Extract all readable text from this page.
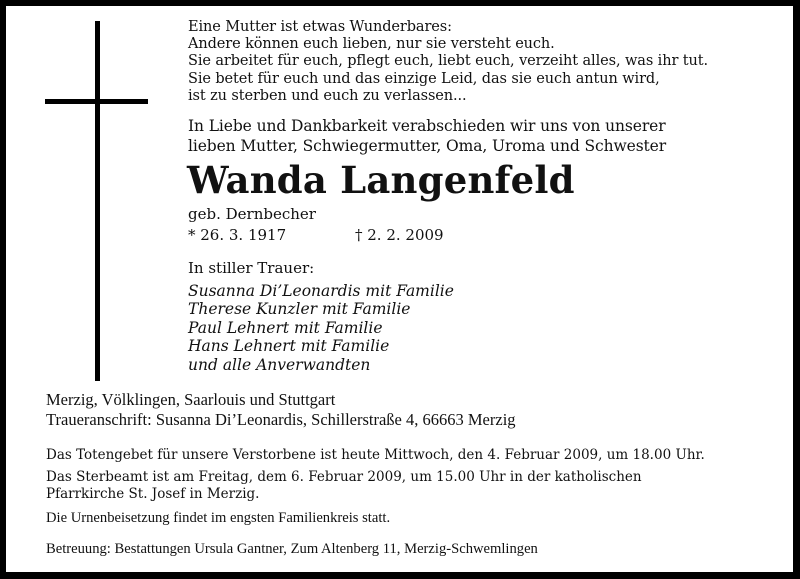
Eine Mutter ist etwas Wunderbares:
Andere können euch lieben, nur sie versteht euch.
Sie arbeitet für euch, pflegt euch, liebt euch, verzeiht alles, was ihr tut.
Sie betet für euch und das einzige Leid, das sie euch antun wird,
ist zu sterben und euch zu verlassen...
In Liebe und Dankbarkeit verabschieden wir uns von unserer
lieben Mutter, Schwiegermutter, Oma, Uroma und Schwester
Wanda Langenfeld
geb. Dernbecher
* 26. 3. 1917	† 2. 2. 2009
In stiller Trauer:
Susanna Di’Leonardis mit Familie
Therese Kunzler mit Familie
Paul Lehnert mit Familie
Hans Lehnert mit Familie
und alle Anverwandten
Merzig, Völklingen, Saarlouis und Stuttgart
Traueranschrift: Susanna Di’Leonardis, Schillerstraße 4, 66663 Merzig
Das Totengebet für unsere Verstorbene ist heute Mittwoch, den 4. Februar 2009, um 18.00 Uhr.
Das Sterbeamt ist am Freitag, dem 6. Februar 2009, um 15.00 Uhr in der katholischen
Pfarrkirche St. Josef in Merzig.
Die Urnenbeisetzung findet im engsten Familienkreis statt.
Betreuung: Bestattungen Ursula Gantner, Zum Altenberg 11, Merzig-Schwemlingen
